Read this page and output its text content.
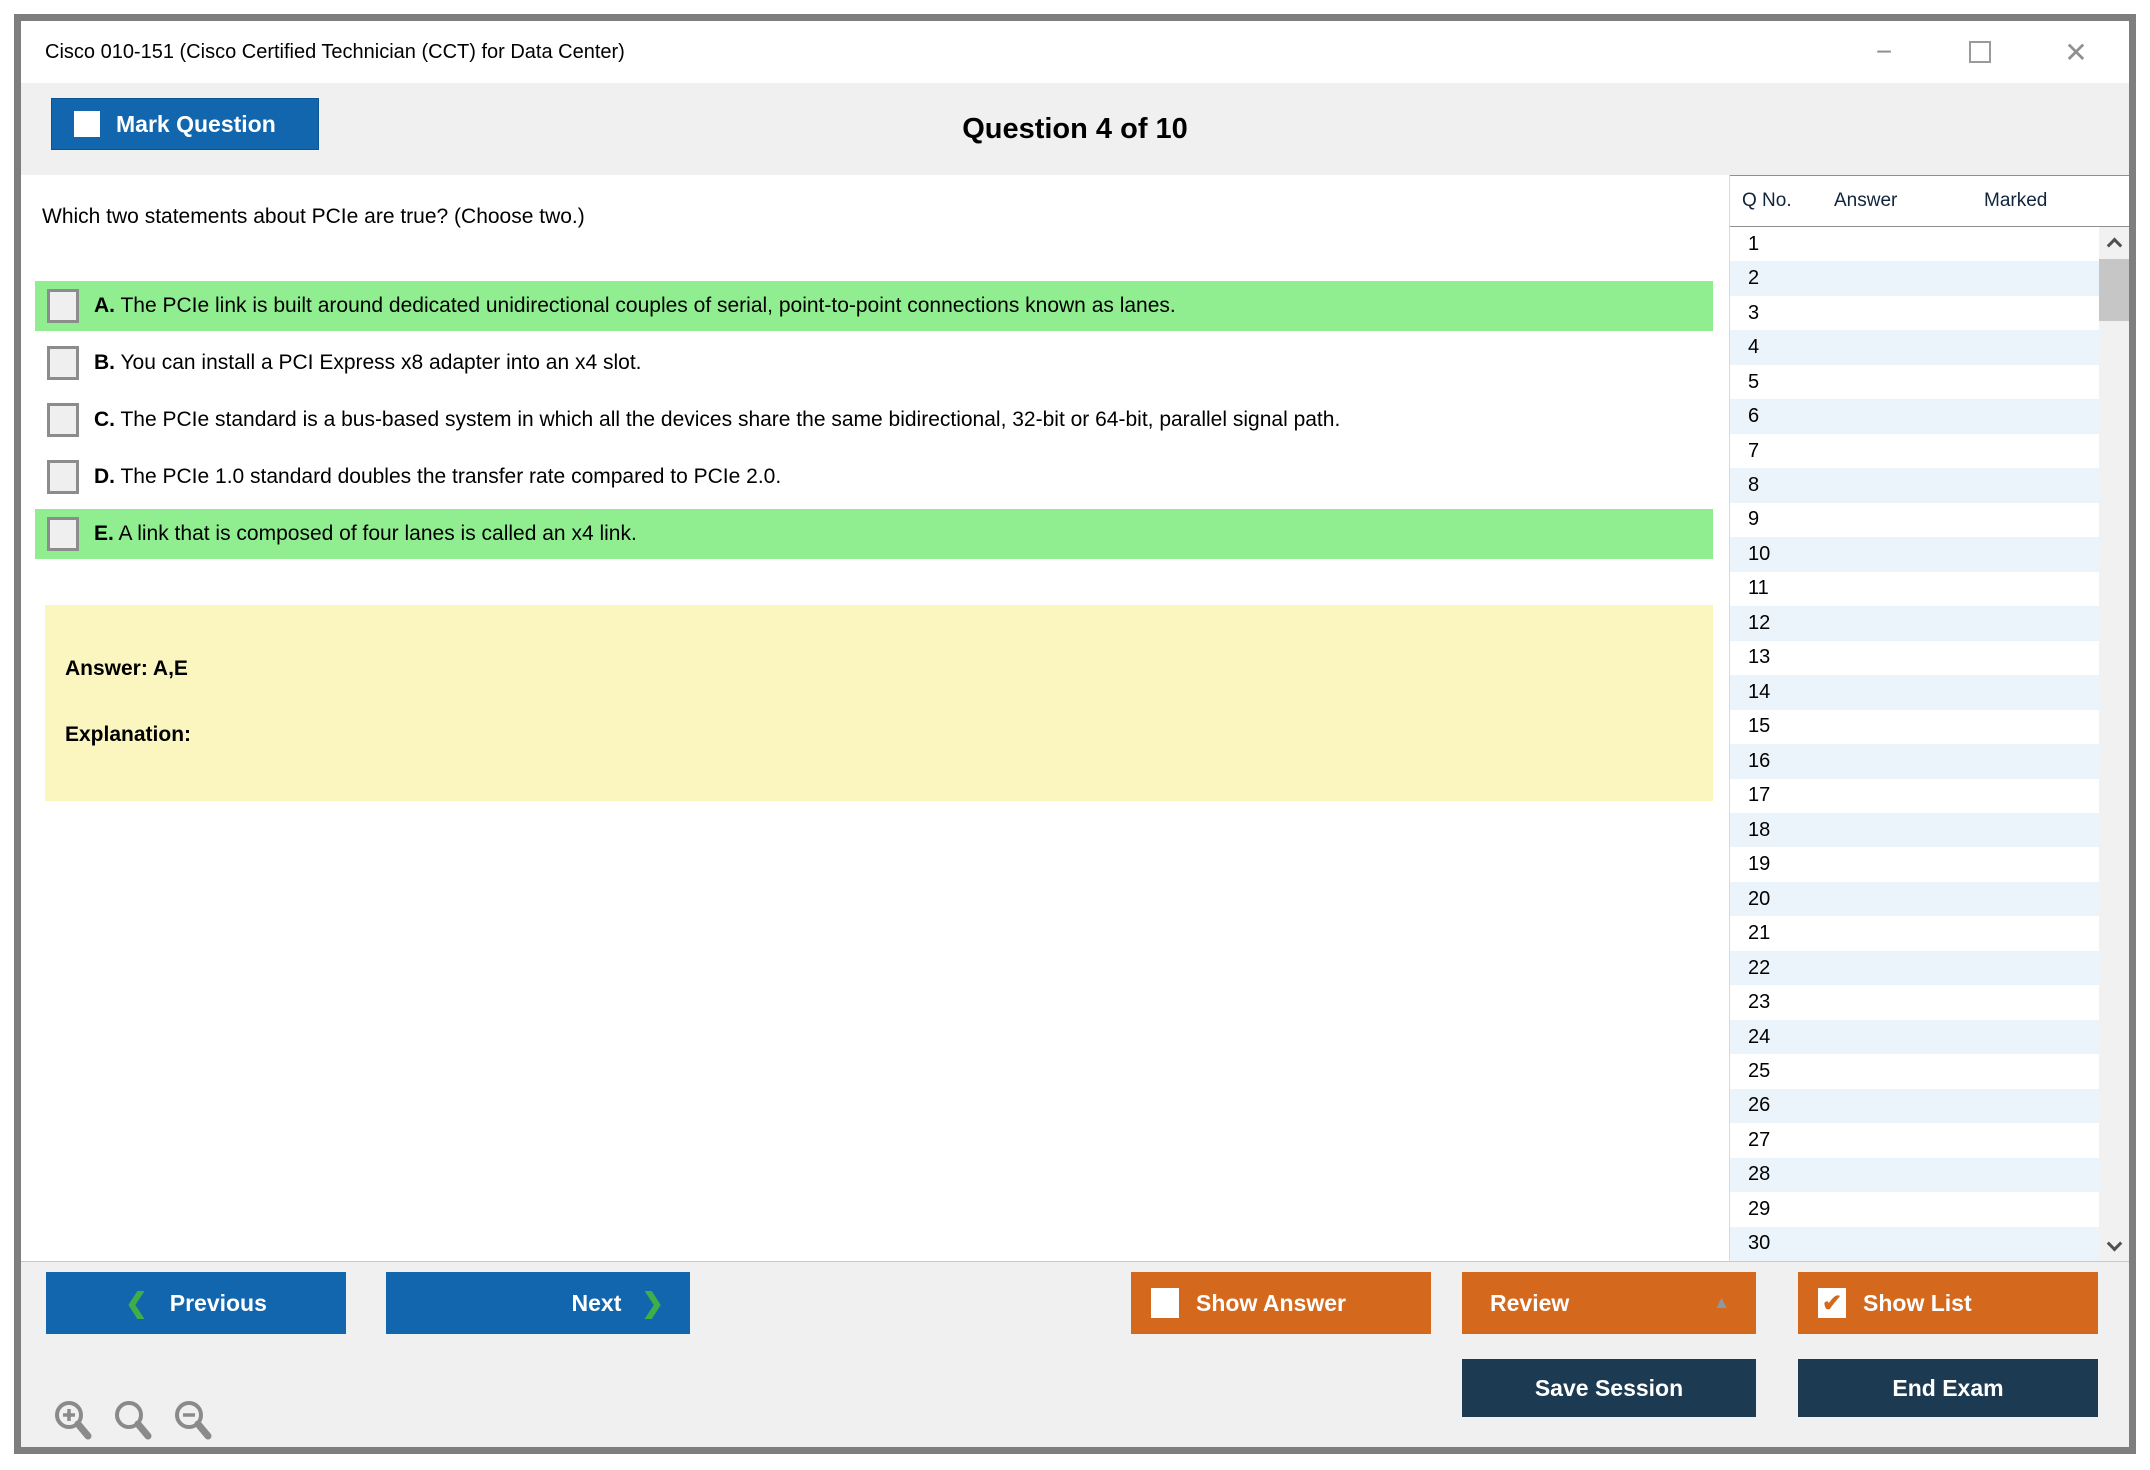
Cisco 010-151 (Cisco Certified Technician (CCT) for Data Center)	−	✕
Mark Question	Question 4 of 10
Which two statements about PCIe are true? (Choose two.)
A. The PCIe link is built around dedicated unidirectional couples of serial, point-to-point connections known as lanes.
B. You can install a PCI Express x8 adapter into an x4 slot.
C. The PCIe standard is a bus-based system in which all the devices share the same bidirectional, 32-bit or 64-bit, parallel signal path.
D. The PCIe 1.0 standard doubles the transfer rate compared to PCIe 2.0.
E. A link that is composed of four lanes is called an x4 link.
Answer: A,E
Explanation:
Q No.	Answer	Marked
1
2
3
4
5
6
7
8
9
10
11
12
13
14
15
16
17
18
19
20
21
22
23
24
25
26
27
28
29
30
❮ Previous	Next ❯	Show Answer	Review	▲	✔ Show List
Save Session	End Exam
